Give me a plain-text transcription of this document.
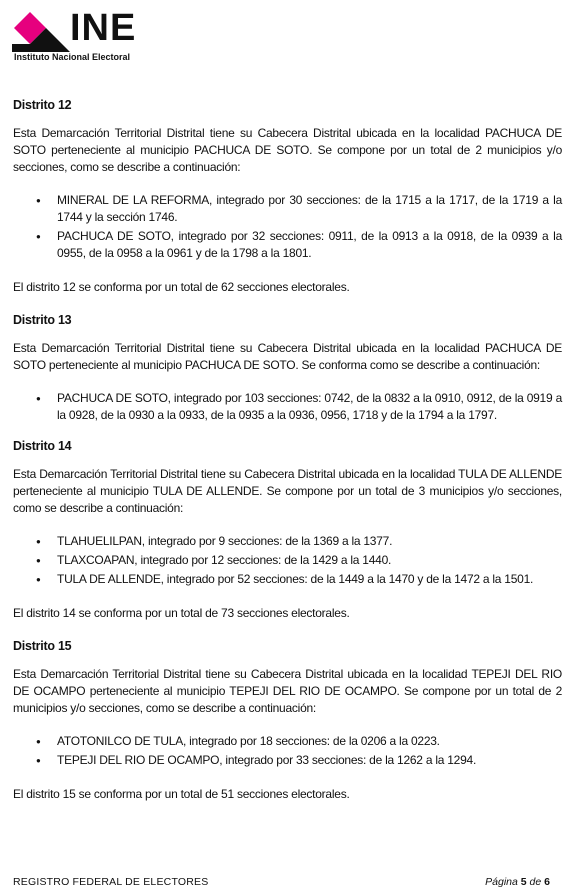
INE
Instituto Nacional Electoral
Distrito 12

Esta Demarcación Territorial Distrital tiene su Cabecera Distrital ubicada en la localidad PACHUCA DE SOTO perteneciente al municipio PACHUCA DE SOTO. Se compone por un total de 2 municipios y/o secciones, como se describe a continuación:

● MINERAL DE LA REFORMA, integrado por 30 secciones: de la 1715 a la 1717, de la 1719 a la 1744 y la sección 1746.
● PACHUCA DE SOTO, integrado por 32 secciones: 0911, de la 0913 a la 0918, de la 0939 a la 0955, de la 0958 a la 0961 y de la 1798 a la 1801.

El distrito 12 se conforma por un total de 62 secciones electorales.

Distrito 13

Esta Demarcación Territorial Distrital tiene su Cabecera Distrital ubicada en la localidad PACHUCA DE SOTO perteneciente al municipio PACHUCA DE SOTO. Se conforma como se describe a continuación:

● PACHUCA DE SOTO, integrado por 103 secciones: 0742, de la 0832 a la 0910, 0912, de la 0919 a la 0928, de la 0930 a la 0933, de la 0935 a la 0936, 0956, 1718 y de la 1794 a la 1797.
Distrito 14

Esta Demarcación Territorial Distrital tiene su Cabecera Distrital ubicada en la localidad TULA DE ALLENDE perteneciente al municipio TULA DE ALLENDE. Se compone por un total de 3 municipios y/o secciones, como se describe a continuación:

● TLAHUELILPAN, integrado por 9 secciones: de la 1369 a la 1377.
● TLAXCOAPAN, integrado por 12 secciones: de la 1429 a la 1440.
● TULA DE ALLENDE, integrado por 52 secciones: de la 1449 a la 1470 y de la 1472 a la 1501.

El distrito 14 se conforma por un total de 73 secciones electorales.

Distrito 15

Esta Demarcación Territorial Distrital tiene su Cabecera Distrital ubicada en la localidad TEPEJI DEL RIO DE OCAMPO perteneciente al municipio TEPEJI DEL RIO DE OCAMPO. Se compone por un total de 2 municipios y/o secciones, como se describe a continuación:

● ATOTONILCO DE TULA, integrado por 18 secciones: de la 0206 a la 0223.
● TEPEJI DEL RIO DE OCAMPO, integrado por 33 secciones: de la 1262 a la 1294.

El distrito 15 se conforma por un total de 51 secciones electorales.

REGISTRO FEDERAL DE ELECTORES	Página 5 de 6
